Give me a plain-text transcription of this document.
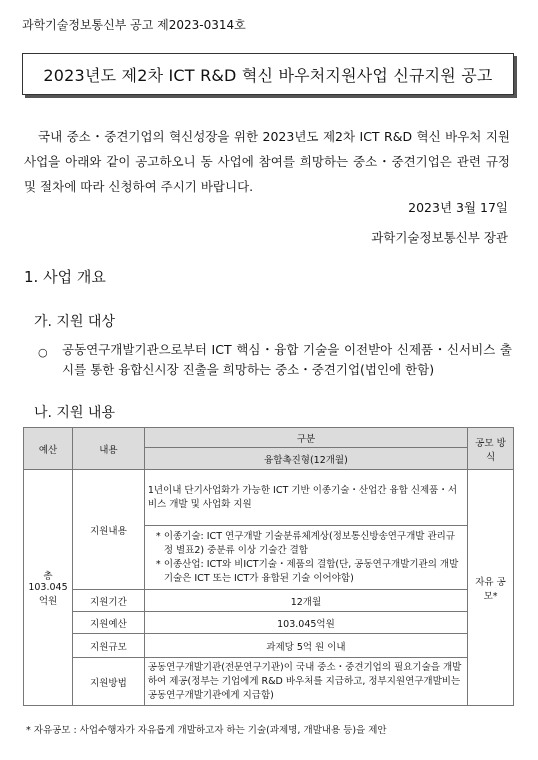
과학기술정보통신부 공고 제2023-0314호
2023년도 제2차 ICT R&D 혁신 바우처지원사업 신규지원 공고
국내 중소・중견기업의 혁신성장을 위한 2023년도 제2차 ICT R&D 혁신 바우처 지원 사업을 아래와 같이 공고하오니 동 사업에 참여를 희망하는 중소・중견기업은 관련 규정 및 절차에 따라 신청하여 주시기 바랍니다.
2023년 3월 17일
과학기술정보통신부 장관
1. 사업 개요
가. 지원 대상
○ 공동연구개발기관으로부터 ICT 핵심・융합 기술을 이전받아 신제품・신서비스 출시를 통한 융합신시장 진출을 희망하는 중소・중견기업(법인에 한함)
나. 지원 내용
예산	내용	구분	공모 방식
		융합촉진형(12개월)	
총 103.045 억원	지원내용	1년이내 단기사업화가 가능한 ICT 기반 이종기술・산업간 융합 신제품・서비스 개발 및 사업화 지원	자유 공모*

		* 이종기술: ICT 연구개발 기술분류체계상(정보통신방송연구개발 관리규정 별표2) 중분류 이상 기술간 결합
* 이종산업: ICT와 비ICT기술・제품의 결합(단, 공동연구개발기관의 개발기술은 ICT 또는 ICT가 융합된 기술 이어야함)	

	지원기간	12개월	
	지원예산	103.045억원	
	지원규모	과제당 5억 원 이내	
	지원방법	공동연구개발기관(전문연구기관)이 국내 중소・중견기업의 필요기술을 개발하여 제공(정부는 기업에게 R&D 바우처를 지급하고, 정부지원연구개발비는 공동연구개발기관에게 지급함)	
* 자유공모 : 사업수행자가 자유롭게 개발하고자 하는 기술(과제명, 개발내용 등)을 제안
